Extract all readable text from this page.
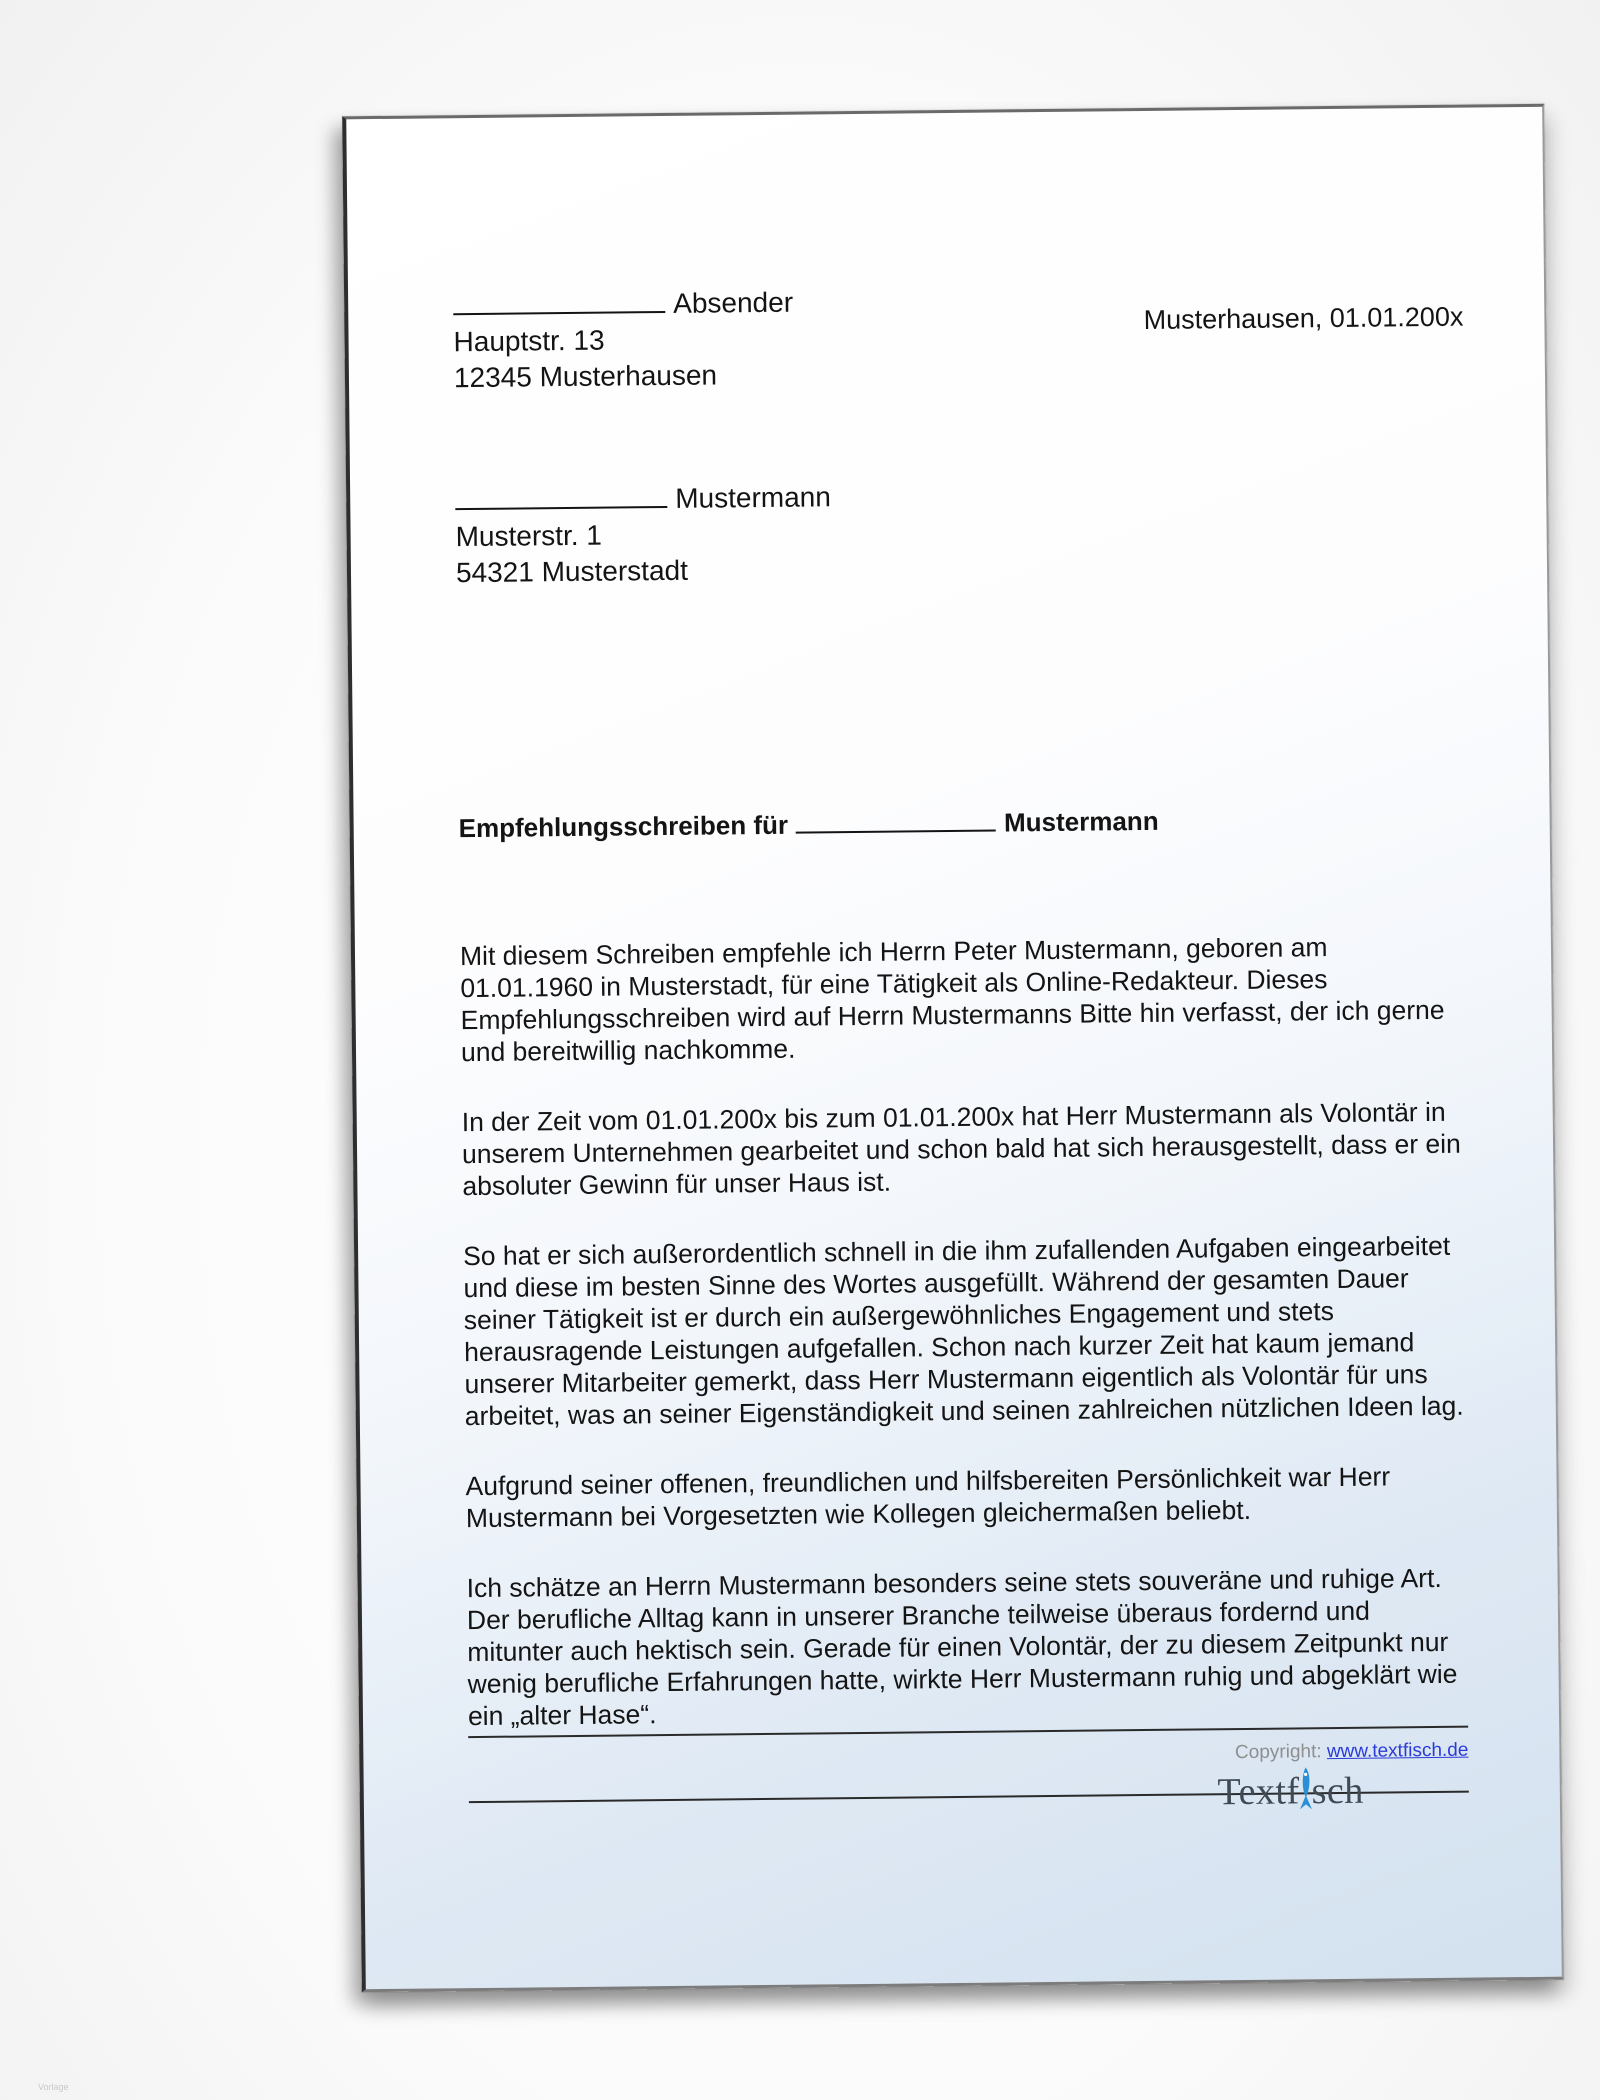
Absender
Hauptstr. 13
12345 Musterhausen
Musterhausen, 01.01.200x
Mustermann
Musterstr. 1
54321 Musterstadt
Empfehlungsschreiben für	Mustermann

Mit diesem Schreiben empfehle ich Herrn Peter Mustermann, geboren am 01.01.1960 in Musterstadt, für eine Tätigkeit als Online-Redakteur. Dieses Empfehlungsschreiben wird auf Herrn Mustermanns Bitte hin verfasst, der ich gerne und bereitwillig nachkomme.

In der Zeit vom 01.01.200x bis zum 01.01.200x hat Herr Mustermann als Volontär in unserem Unternehmen gearbeitet und schon bald hat sich herausgestellt, dass er ein absoluter Gewinn für unser Haus ist.

So hat er sich außerordentlich schnell in die ihm zufallenden Aufgaben eingearbeitet und diese im besten Sinne des Wortes ausgefüllt. Während der gesamten Dauer seiner Tätigkeit ist er durch ein außergewöhnliches Engagement und stets herausragende Leistungen aufgefallen. Schon nach kurzer Zeit hat kaum jemand unserer Mitarbeiter gemerkt, dass Herr Mustermann eigentlich als Volontär für uns arbeitet, was an seiner Eigenständigkeit und seinen zahlreichen nützlichen Ideen lag.

Aufgrund seiner offenen, freundlichen und hilfsbereiten Persönlichkeit war Herr Mustermann bei Vorgesetzten wie Kollegen gleichermaßen beliebt.

Ich schätze an Herrn Mustermann besonders seine stets souveräne und ruhige Art. Der berufliche Alltag kann in unserer Branche teilweise überaus fordernd und mitunter auch hektisch sein. Gerade für einen Volontär, der zu diesem Zeitpunkt nur wenig berufliche Erfahrungen hatte, wirkte Herr Mustermann ruhig und abgeklärt wie ein „alter Hase“.

Copyright: www.textfisch.de
Textf sch
Vorlage
